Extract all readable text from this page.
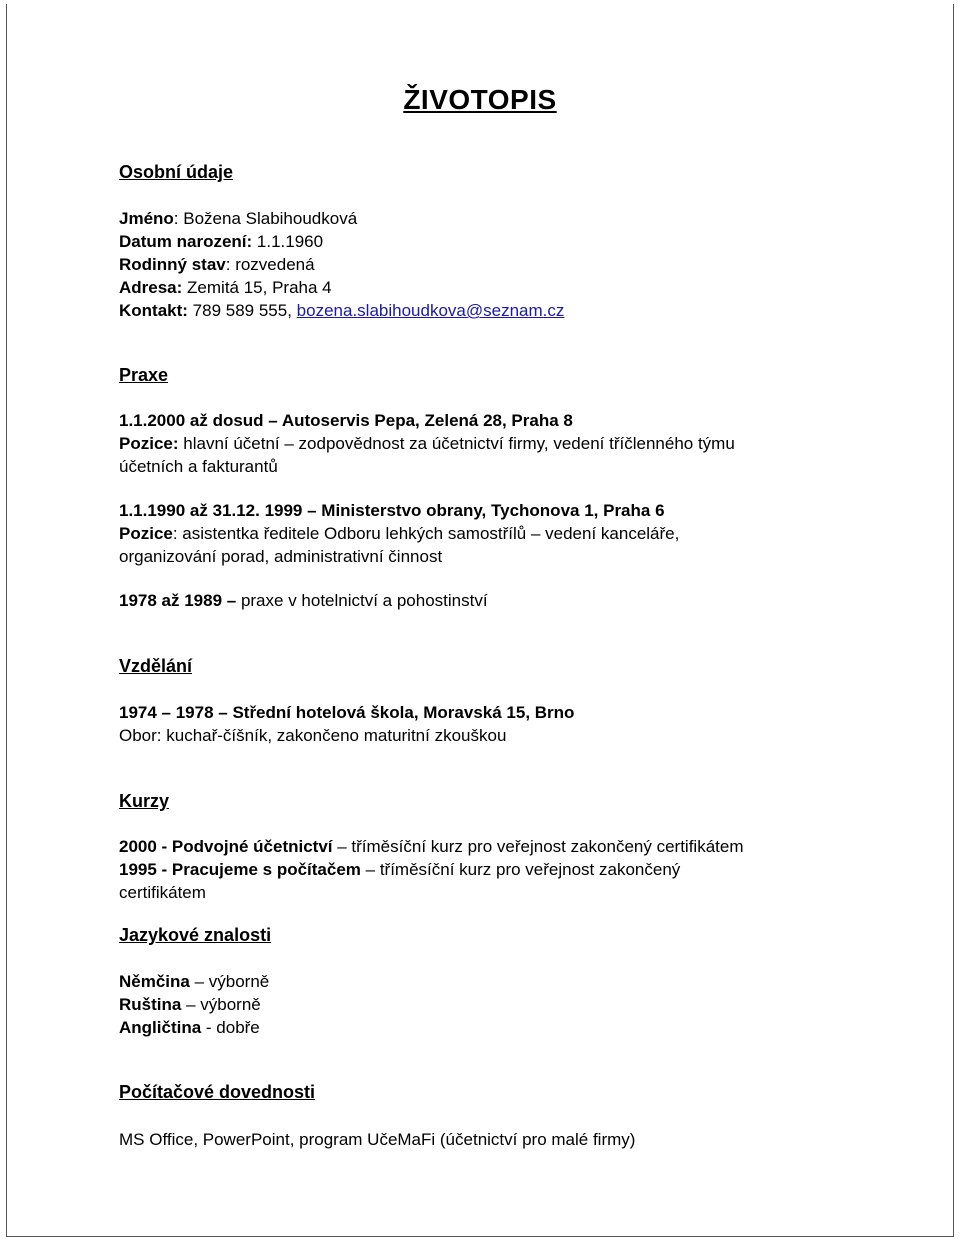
ŽIVOTOPIS
Osobní údaje
Jméno: Božena Slabihoudková
Datum narození: 1.1.1960
Rodinný stav: rozvedená
Adresa: Zemitá 15, Praha 4
Kontakt: 789 589 555, bozena.slabihoudkova@seznam.cz
Praxe
1.1.2000 až dosud – Autoservis Pepa, Zelená 28, Praha 8
Pozice: hlavní účetní – zodpovědnost za účetnictví firmy, vedení tříčlenného týmu
účetních a fakturantů
1.1.1990 až 31.12. 1999 – Ministerstvo obrany, Tychonova 1, Praha 6
Pozice: asistentka ředitele Odboru lehkých samostřílů – vedení kanceláře,
organizování porad, administrativní činnost
1978 až 1989 – praxe v hotelnictví a pohostinství
Vzdělání
1974 – 1978 – Střední hotelová škola, Moravská 15, Brno
Obor: kuchař-číšník, zakončeno maturitní zkouškou
Kurzy
2000 - Podvojné účetnictví – tříměsíční kurz pro veřejnost zakončený certifikátem
1995 - Pracujeme s počítačem – tříměsíční kurz pro veřejnost zakončený
certifikátem
Jazykové znalosti
Němčina – výborně
Ruština – výborně
Angličtina - dobře
Počítačové dovednosti
MS Office, PowerPoint, program UčeMaFi (účetnictví pro malé firmy)
